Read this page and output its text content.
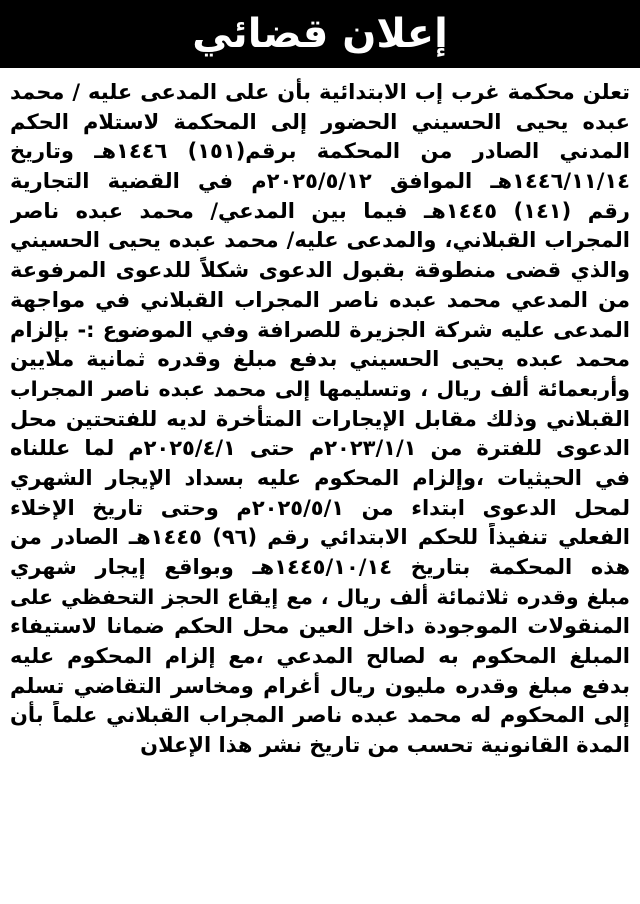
إعلان قضائي
تعلن محكمة غرب إب الابتدائية بأن على المدعى عليه / محمد
عبده يحيى الحسيني الحضور إلى المحكمة لاستلام الحكم
المدني الصادر من المحكمة برقم(١٥١) ١٤٤٦هـ وتاريخ
١٤٤٦/١١/١٤هـ الموافق ٢٠٢٥/٥/١٢م في القضية التجارية
رقم (١٤١) ١٤٤٥هـ فيما بين المدعي/ محمد عبده ناصر
المجراب القبلاني، والمدعى عليه/ محمد عبده يحيى الحسيني
والذي قضى منطوقة بقبول الدعوى شكلاً للدعوى المرفوعة
من المدعي محمد عبده ناصر المجراب القبلاني في مواجهة
المدعى عليه شركة الجزيرة للصرافة وفي الموضوع :- بإلزام
محمد عبده يحيى الحسيني بدفع مبلغ وقدره ثمانية ملايين
وأربعمائة ألف ريال ، وتسليمها إلى محمد عبده ناصر المجراب
القبلاني وذلك مقابل الإيجارات المتأخرة لديه للفتحتين محل
الدعوى للفترة من ٢٠٢٣/١/١م حتى ٢٠٢٥/٤/١م لما عللناه
في الحيثيات ،وإلزام المحكوم عليه بسداد الإيجار الشهري
لمحل الدعوى ابتداء من ٢٠٢٥/٥/١م وحتى تاريخ الإخلاء
الفعلي تنفيذاً للحكم الابتدائي رقم (٩٦) ١٤٤٥هـ الصادر من
هذه المحكمة بتاريخ ١٤٤٥/١٠/١٤هـ وبواقع إيجار شهري
مبلغ وقدره ثلاثمائة ألف ريال ، مع إيقاع الحجز التحفظي على
المنقولات الموجودة داخل العين محل الحكم ضمانا لاستيفاء
المبلغ المحكوم به لصالح المدعي ،مع إلزام المحكوم عليه
بدفع مبلغ وقدره مليون ريال أغرام ومخاسر التقاضي تسلم
إلى المحكوم له محمد عبده ناصر المجراب القبلاني علماً بأن
المدة القانونية تحسب من تاريخ نشر هذا الإعلان
